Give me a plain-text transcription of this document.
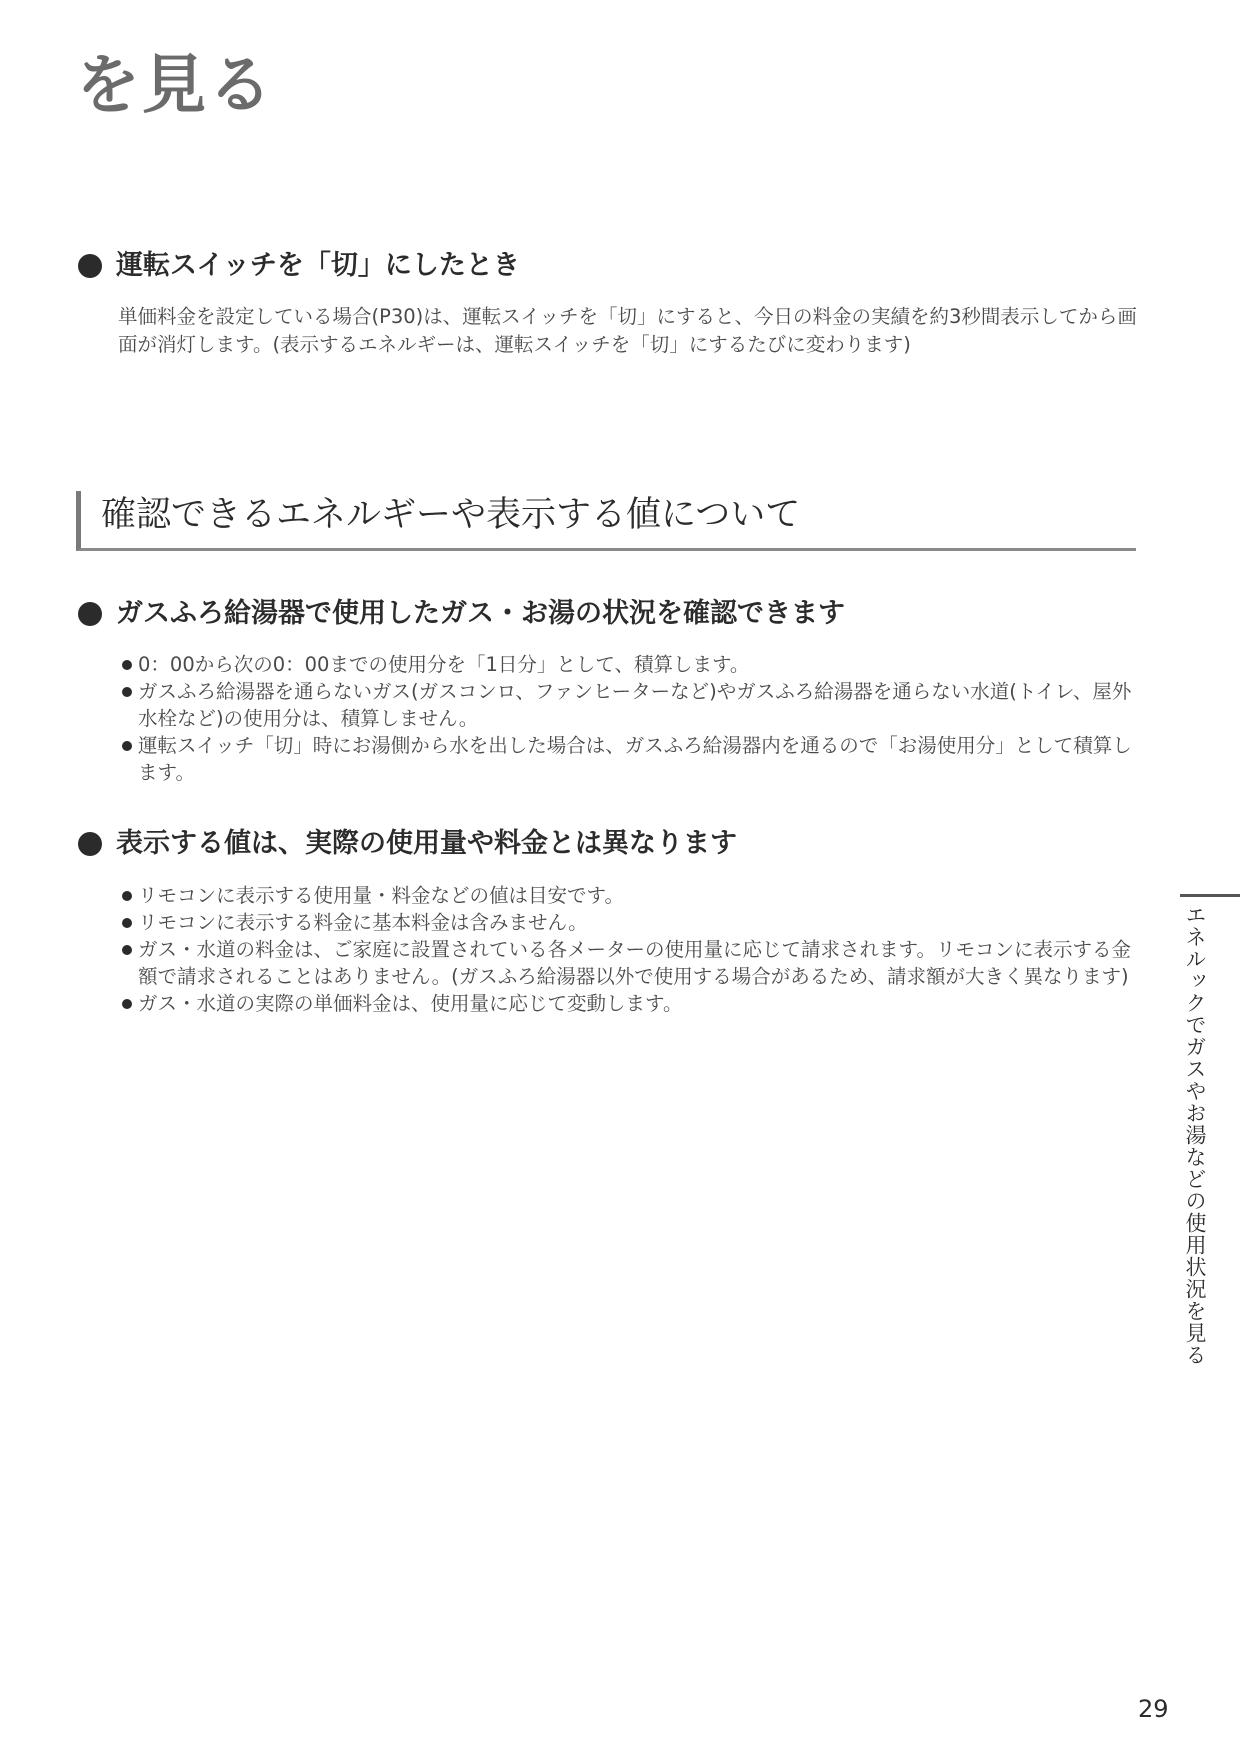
を見る
運転スイッチを「切」にしたとき

単価料金を設定している場合(P30)は、運転スイッチを「切」にすると、今日の料金の実績を約3秒間表示してから画面が消灯します。(表示するエネルギーは、運転スイッチを「切」にするたびに変わります)

確認できるエネルギーや表示する値について
ガスふろ給湯器で使用したガス・お湯の状況を確認できます
0：00から次の0：00までの使用分を「1日分」として、積算します。
ガスふろ給湯器を通らないガス(ガスコンロ、ファンヒーターなど)やガスふろ給湯器を通らない水道(トイレ、屋外水栓など)の使用分は、積算しません。
運転スイッチ「切」時にお湯側から水を出した場合は、ガスふろ給湯器内を通るので「お湯使用分」として積算します。
表示する値は、実際の使用量や料金とは異なります
リモコンに表示する使用量・料金などの値は目安です。
リモコンに表示する料金に基本料金は含みません。
ガス・水道の料金は、ご家庭に設置されている各メーターの使用量に応じて請求されます。リモコンに表示する金額で請求されることはありません。(ガスふろ給湯器以外で使用する場合があるため、請求額が大きく異なります)
ガス・水道の実際の単価料金は、使用量に応じて変動します。	エネルックでガスやお湯などの使用状況を見る
29
